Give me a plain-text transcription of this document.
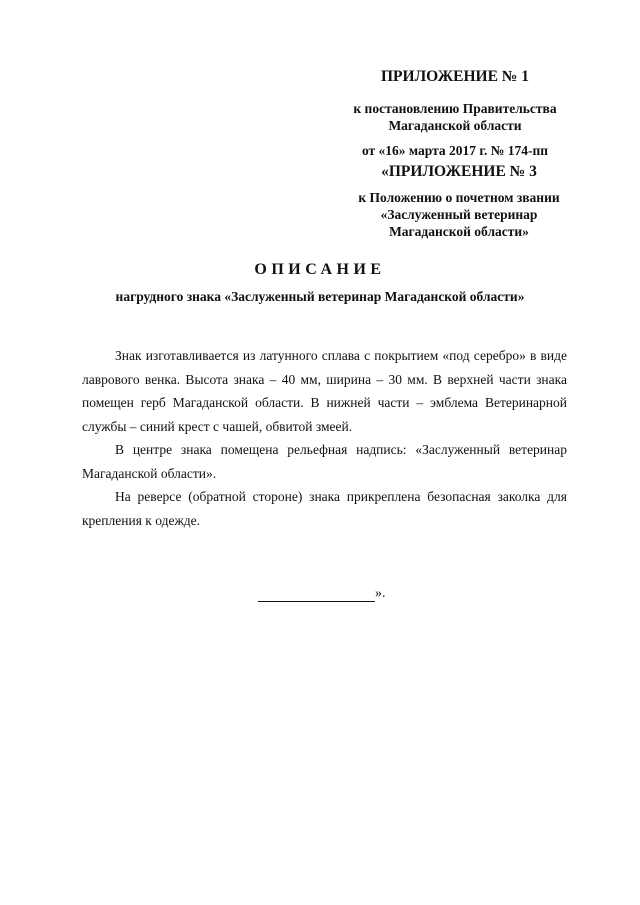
ПРИЛОЖЕНИЕ № 1
к постановлению Правительства
Магаданской области
от «16» марта 2017 г. № 174-пп
«ПРИЛОЖЕНИЕ № 3
к Положению о почетном звании
«Заслуженный ветеринар
Магаданской области»
ОПИСАНИЕ
нагрудного знака «Заслуженный ветеринар Магаданской области»

Знак изготавливается из латунного сплава с покрытием «под серебро» в виде лаврового венка. Высота знака – 40 мм, ширина – 30 мм. В верхней части знака помещен герб Магаданской области. В нижней части – эмблема Ветеринарной службы – синий крест с чашей, обвитой змеей.

В центре знака помещена рельефная надпись: «Заслуженный ветеринар Магаданской области».

На реверсе (обратной стороне) знака прикреплена безопасная заколка для крепления к одежде.

».
